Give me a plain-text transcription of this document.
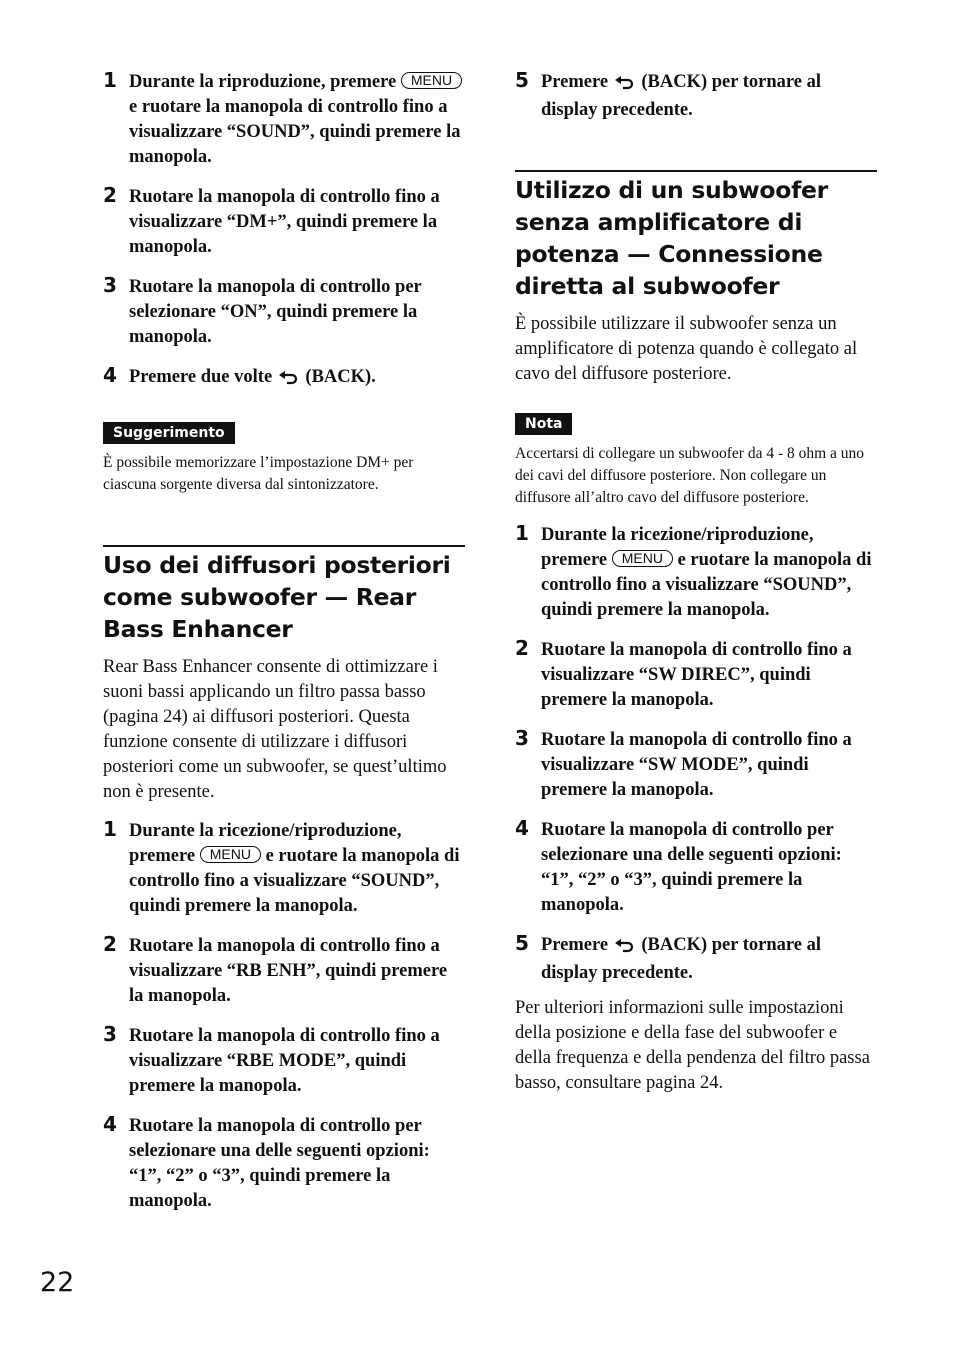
1 Durante la riproduzione, premere MENU e ruotare la manopola di controllo fino a visualizzare “SOUND”, quindi premere la manopola.
2 Ruotare la manopola di controllo fino a visualizzare “DM+”, quindi premere la manopola.
3 Ruotare la manopola di controllo per selezionare “ON”, quindi premere la manopola.
4 Premere due volte (BACK).
Suggerimento

È possibile memorizzare l’impostazione DM+ per ciascuna sorgente diversa dal sintonizzatore.

Uso dei diffusori posteriori come subwoofer — Rear Bass Enhancer

Rear Bass Enhancer consente di ottimizzare i suoni bassi applicando un filtro passa basso (pagina 24) ai diffusori posteriori. Questa funzione consente di utilizzare i diffusori posteriori come un subwoofer, se quest’ultimo non è presente.

1 Durante la ricezione/riproduzione, premere MENU e ruotare la manopola di controllo fino a visualizzare “SOUND”, quindi premere la manopola.
2 Ruotare la manopola di controllo fino a visualizzare “RB ENH”, quindi premere la manopola.
3 Ruotare la manopola di controllo fino a visualizzare “RBE MODE”, quindi premere la manopola.
4 Ruotare la manopola di controllo per selezionare una delle seguenti opzioni: “1”, “2” o “3”, quindi premere la manopola.
5 Premere (BACK) per tornare al display precedente.
Utilizzo di un subwoofer senza amplificatore di potenza — Connessione diretta al subwoofer

È possibile utilizzare il subwoofer senza un amplificatore di potenza quando è collegato al cavo del diffusore posteriore.

Nota

Accertarsi di collegare un subwoofer da 4 - 8 ohm a uno dei cavi del diffusore posteriore. Non collegare un diffusore all’altro cavo del diffusore posteriore.

1 Durante la ricezione/riproduzione, premere MENU e ruotare la manopola di controllo fino a visualizzare “SOUND”, quindi premere la manopola.
2 Ruotare la manopola di controllo fino a visualizzare “SW DIREC”, quindi premere la manopola.
3 Ruotare la manopola di controllo fino a visualizzare “SW MODE”, quindi premere la manopola.
4 Ruotare la manopola di controllo per selezionare una delle seguenti opzioni: “1”, “2” o “3”, quindi premere la manopola.
5 Premere (BACK) per tornare al display precedente.

Per ulteriori informazioni sulle impostazioni della posizione e della fase del subwoofer e della frequenza e della pendenza del filtro passa basso, consultare pagina 24.

22
